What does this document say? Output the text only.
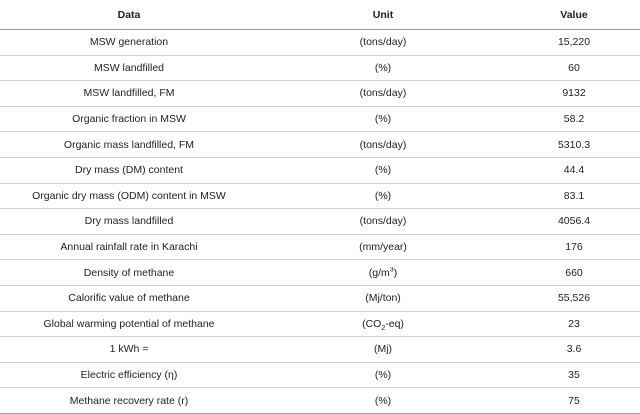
Data	Unit	Value
MSW generation	(tons/day)	15,220
MSW landfilled	(%)	60
MSW landfilled, FM	(tons/day)	9132
Organic fraction in MSW	(%)	58.2
Organic mass landfilled, FM	(tons/day)	5310.3
Dry mass (DM) content	(%)	44.4
Organic dry mass (ODM) content in MSW	(%)	83.1
Dry mass landfilled	(tons/day)	4056.4
Annual rainfall rate in Karachi	(mm/year)	176
Density of methane	$(g/m^3)$	660
Calorific value of methane	(Mj/ton)	55,526
Global warming potential of methane	$(CO_2-eq)$	23
1 kWh =	(Mj)	3.6
Electric efficiency (η)	(%)	35
Methane recovery rate (r)	(%)	75
